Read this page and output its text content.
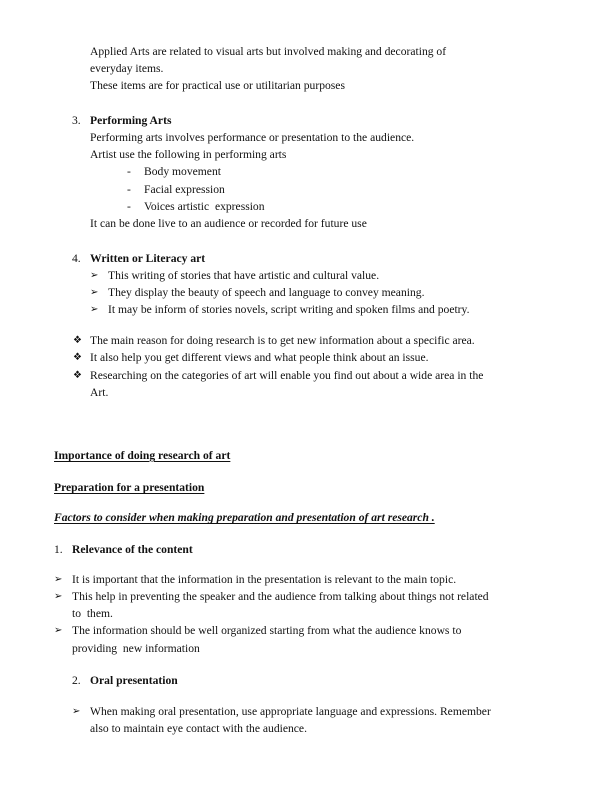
Applied Arts are related to visual arts but involved making and decorating of
everyday items.
These items are for practical use or utilitarian purposes
3. Performing Arts
Performing arts involves performance or presentation to the audience.
Artist use the following in performing arts
- Body movement
- Facial expression
- Voices artistic  expression
It can be done live to an audience or recorded for future use
4. Written or Literacy art
➢ This writing of stories that have artistic and cultural value.
➢ They display the beauty of speech and language to convey meaning.
➢ It may be inform of stories novels, script writing and spoken films and poetry.
❖ The main reason for doing research is to get new information about a specific area.
❖ It also help you get different views and what people think about an issue.
❖ Researching on the categories of art will enable you find out about a wide area in the
Art.
Importance of doing research of art
Preparation for a presentation
Factors to consider when making preparation and presentation of art research .
1. Relevance of the content
➢ It is important that the information in the presentation is relevant to the main topic.
➢ This help in preventing the speaker and the audience from talking about things not related
to  them.
➢ The information should be well organized starting from what the audience knows to
providing  new information
2. Oral presentation
➢ When making oral presentation, use appropriate language and expressions. Remember
also to maintain eye contact with the audience.
